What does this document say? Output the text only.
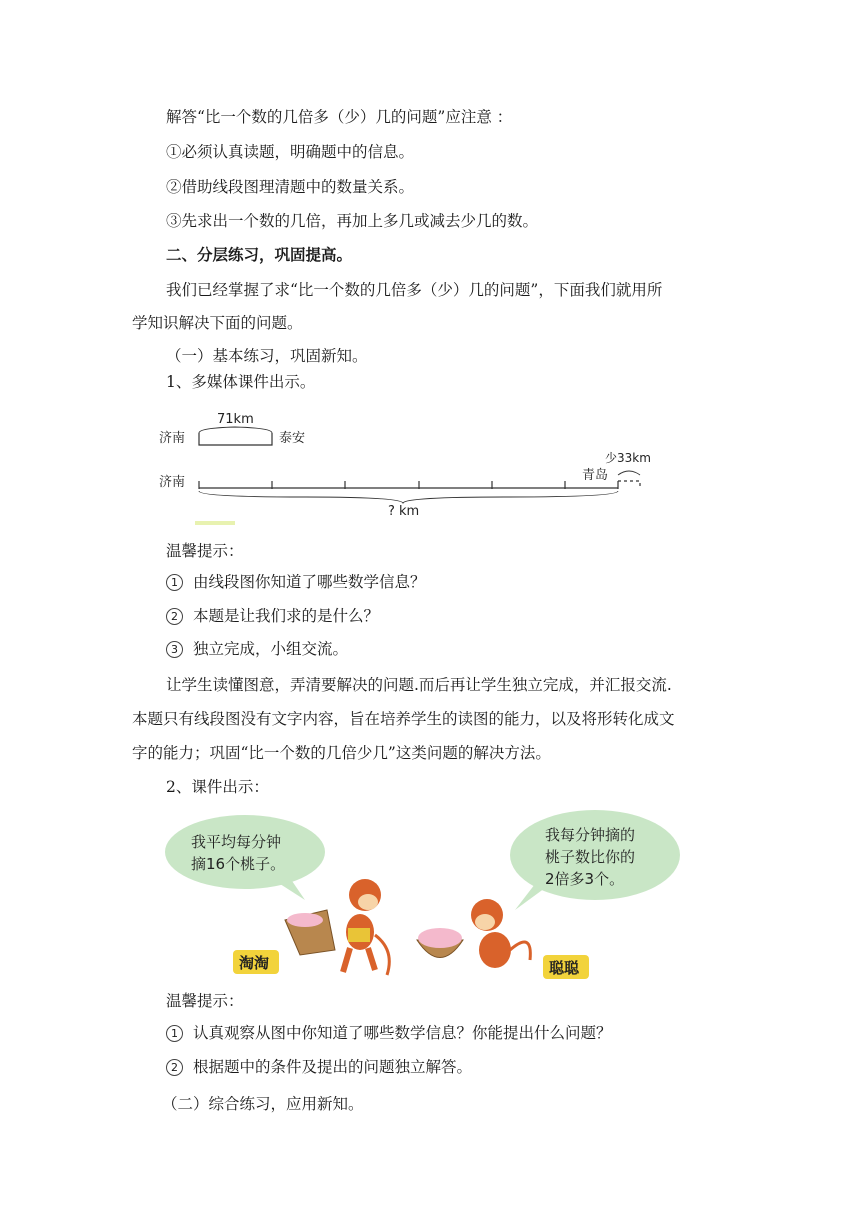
解答“比一个数的几倍多（少）几的问题”应注意 ：
①必须认真读题，明确题中的信息。
②借助线段图理清题中的数量关系。
③先求出一个数的几倍，再加上多几或减去少几的数。
二、分层练习，巩固提高。
我们已经掌握了求“比一个数的几倍多（少）几的问题”，下面我们就用所
学知识解决下面的问题。
（一）基本练习，巩固新知。
1、多媒体课件出示。
71km
济南	泰安
济南	青岛
少33km
? km
温馨提示：
1 由线段图你知道了哪些数学信息？
2 本题是让我们求的是什么？
3 独立完成，小组交流。
让学生读懂图意，弄清要解决的问题.而后再让学生独立完成，并汇报交流.
本题只有线段图没有文字内容，旨在培养学生的读图的能力，以及将形转化成文
字的能力；巩固“比一个数的几倍少几”这类问题的解决方法。
2、课件出示：
我平均每分钟
摘16个桃子。
我每分钟摘的
桃子数比你的
2倍多3个。
淘淘	聪聪
温馨提示：
1 认真观察从图中你知道了哪些数学信息？你能提出什么问题？
2 根据题中的条件及提出的问题独立解答。
（二）综合练习，应用新知。
